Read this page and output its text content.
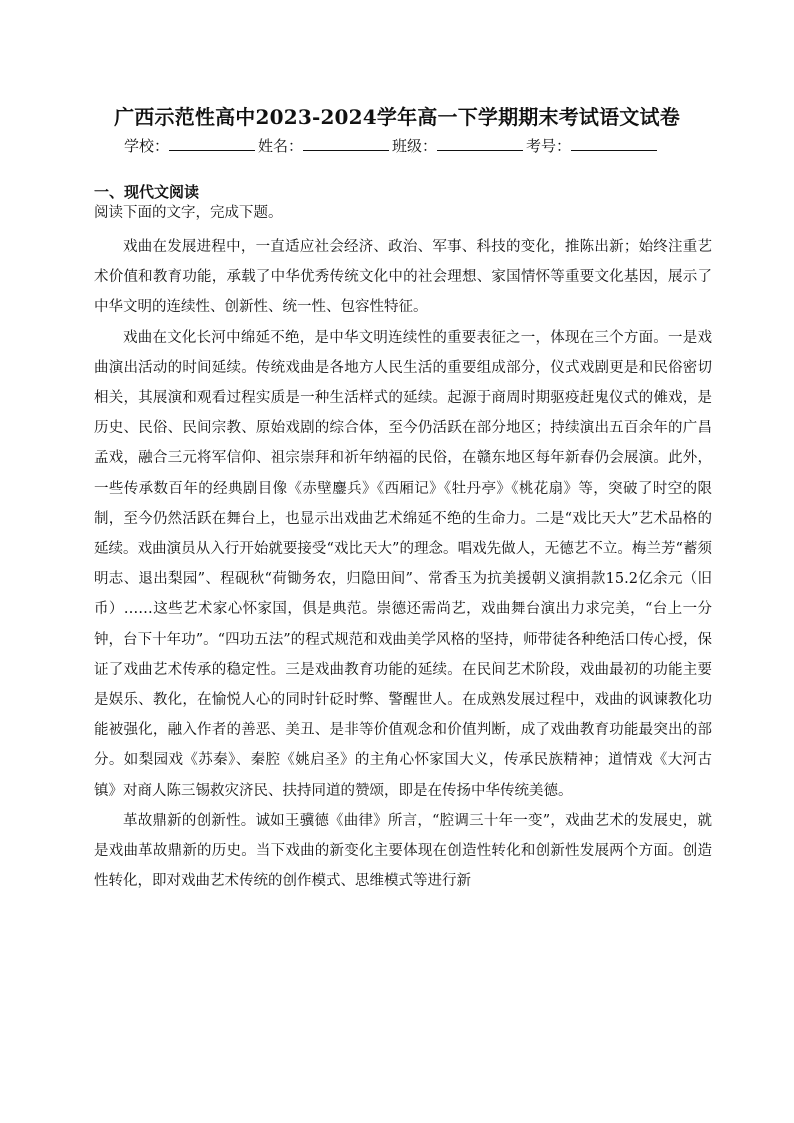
广西示范性高中2023-2024学年高一下学期期末考试语文试卷
学校：	姓名：	班级：	考号：
一、现代文阅读
阅读下面的文字，完成下题。

戏曲在发展进程中，一直适应社会经济、政治、军事、科技的变化，推陈出新；始终注重艺术价值和教育功能，承载了中华优秀传统文化中的社会理想、家国情怀等重要文化基因，展示了中华文明的连续性、创新性、统一性、包容性特征。

戏曲在文化长河中绵延不绝，是中华文明连续性的重要表征之一，体现在三个方面。一是戏曲演出活动的时间延续。传统戏曲是各地方人民生活的重要组成部分，仪式戏剧更是和民俗密切相关，其展演和观看过程实质是一种生活样式的延续。起源于商周时期驱疫赶鬼仪式的傩戏，是历史、民俗、民间宗教、原始戏剧的综合体，至今仍活跃在部分地区；持续演出五百余年的广昌孟戏，融合三元将军信仰、祖宗崇拜和祈年纳福的民俗，在赣东地区每年新春仍会展演。此外，一些传承数百年的经典剧目像《赤壁鏖兵》《西厢记》《牡丹亭》《桃花扇》等，突破了时空的限制，至今仍然活跃在舞台上，也显示出戏曲艺术绵延不绝的生命力。二是“戏比天大”艺术品格的延续。戏曲演员从入行开始就要接受“戏比天大”的理念。唱戏先做人，无德艺不立。梅兰芳“蓄须明志、退出梨园”、程砚秋“荷锄务农，归隐田间”、常香玉为抗美援朝义演捐款15.2亿余元（旧币）……这些艺术家心怀家国，俱是典范。崇德还需尚艺，戏曲舞台演出力求完美，“台上一分钟，台下十年功”。“四功五法”的程式规范和戏曲美学风格的坚持，师带徒各种绝活口传心授，保证了戏曲艺术传承的稳定性。三是戏曲教育功能的延续。在民间艺术阶段，戏曲最初的功能主要是娱乐、教化，在愉悦人心的同时针砭时弊、警醒世人。在成熟发展过程中，戏曲的讽谏教化功能被强化，融入作者的善恶、美丑、是非等价值观念和价值判断，成了戏曲教育功能最突出的部分。如梨园戏《苏秦》、秦腔《姚启圣》的主角心怀家国大义，传承民族精神；道情戏《大河古镇》对商人陈三锡救灾济民、扶持同道的赞颂，即是在传扬中华传统美德。

革故鼎新的创新性。诚如王骥德《曲律》所言，“腔调三十年一变”，戏曲艺术的发展史，就是戏曲革故鼎新的历史。当下戏曲的新变化主要体现在创造性转化和创新性发展两个方面。创造性转化，即对戏曲艺术传统的创作模式、思维模式等进行新
